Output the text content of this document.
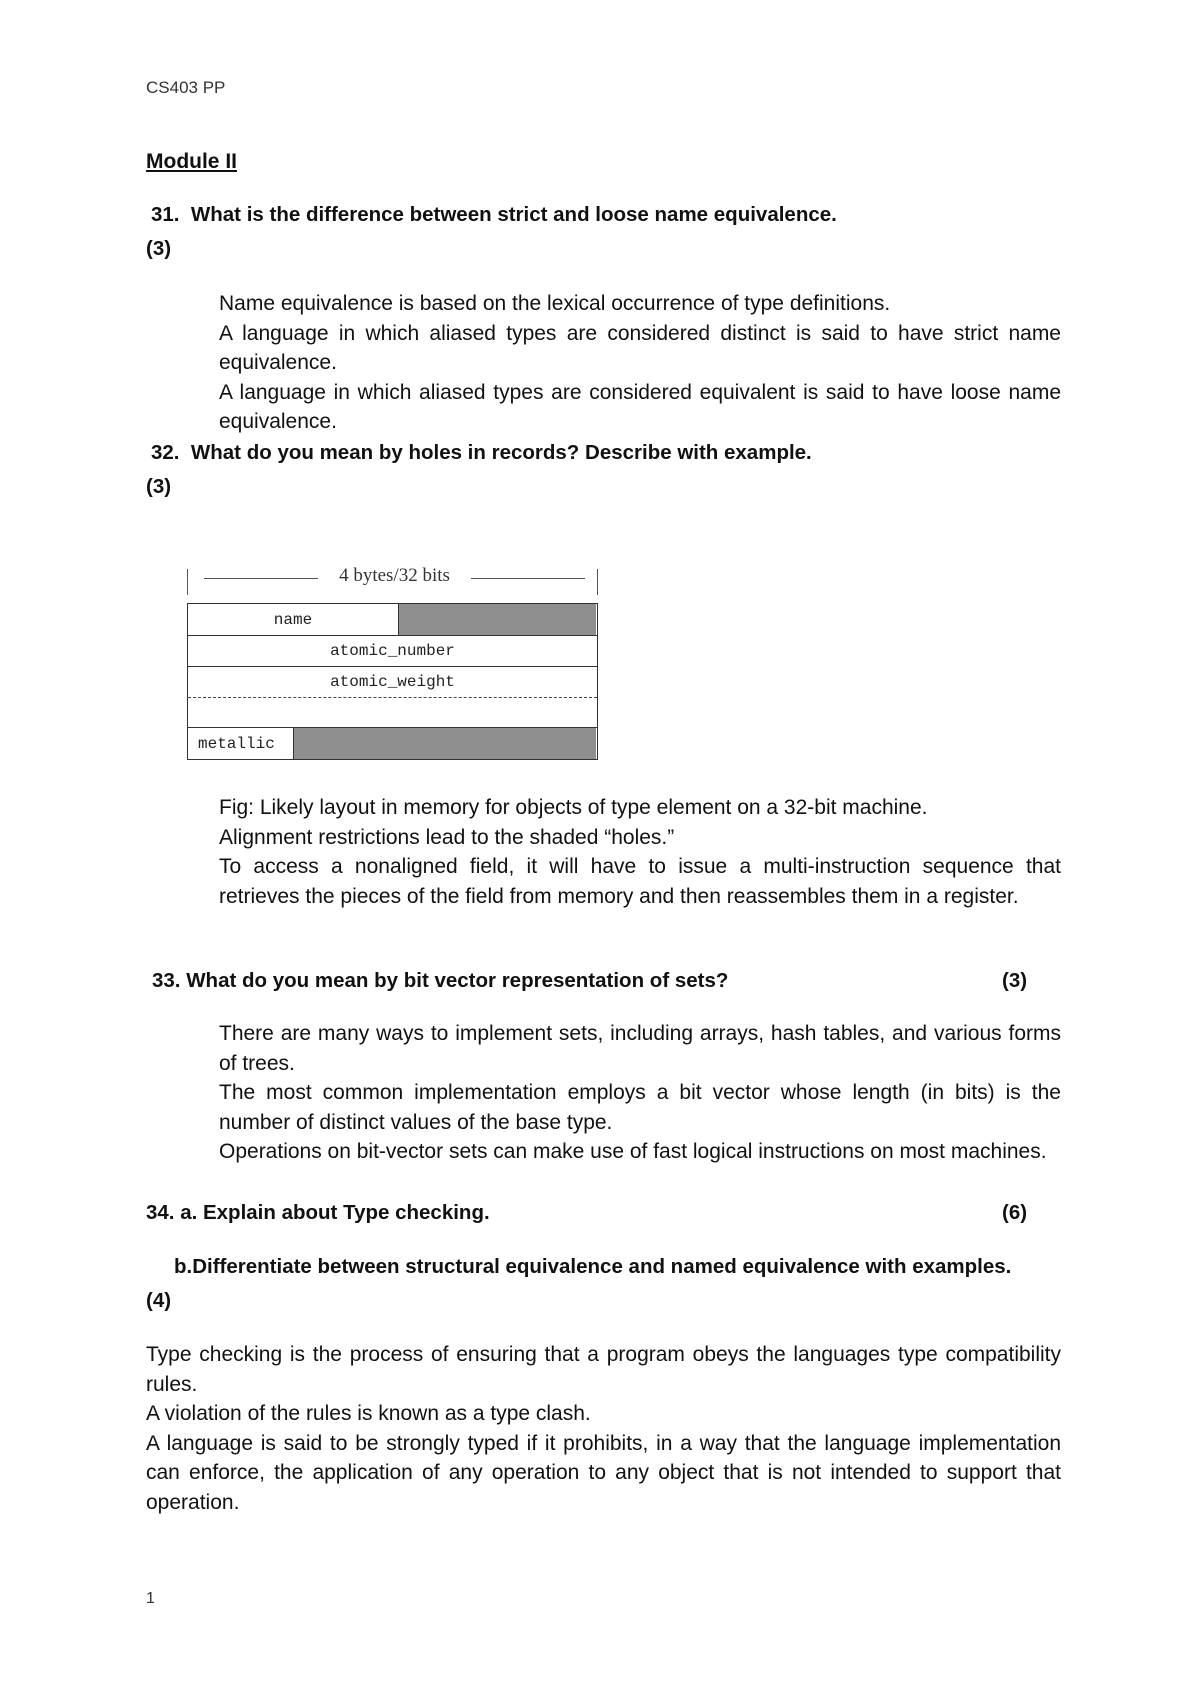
CS403 PP
Module II
31. What is the difference between strict and loose name equivalence.
(3)

Name equivalence is based on the lexical occurrence of type definitions.

A language in which aliased types are considered distinct is said to have strict name equivalence.

A language in which aliased types are considered equivalent is said to have loose name equivalence.

32. What do you mean by holes in records? Describe with example.
(3)
4 bytes/32 bits
name
atomic_number
atomic_weight
metallic

Fig: Likely layout in memory for objects of type element on a 32-bit machine.

Alignment restrictions lead to the shaded “holes.”

To access a nonaligned field, it will have to issue a multi-instruction sequence that retrieves the pieces of the field from memory and then reassembles them in a register.

33. What do you mean by bit vector representation of sets?	(3)

There are many ways to implement sets, including arrays, hash tables, and various forms of trees.

The most common implementation employs a bit vector whose length (in bits) is the number of distinct values of the base type.

Operations on bit-vector sets can make use of fast logical instructions on most machines.

34. a. Explain about Type checking.	(6)
b.Differentiate between structural equivalence and named equivalence with examples.
(4)

Type checking is the process of ensuring that a program obeys the languages type compatibility rules.

A violation of the rules is known as a type clash.

A language is said to be strongly typed if it prohibits, in a way that the language implementation can enforce, the application of any operation to any object that is not intended to support that operation.

1
